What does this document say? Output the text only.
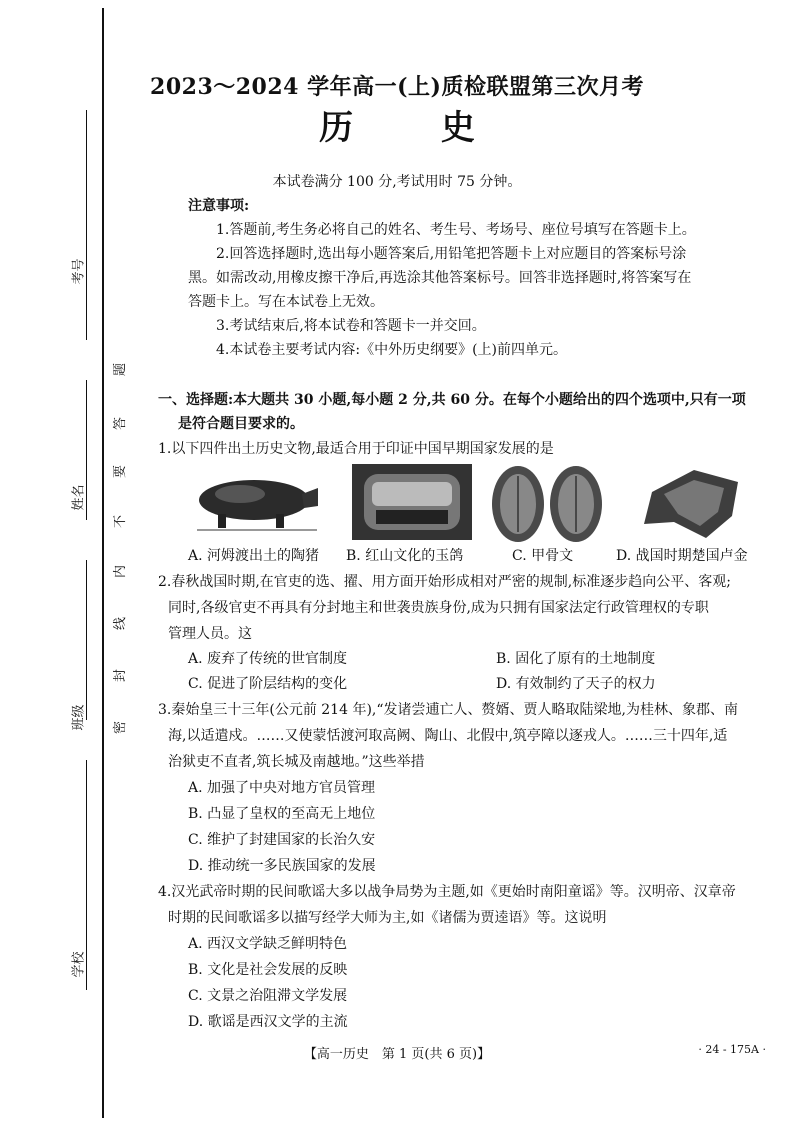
考号
姓名
班级
学校
题
答
要
不
内
线
封
密
2023～2024 学年高一(上)质检联盟第三次月考
历 史
本试卷满分 100 分,考试用时 75 分钟。
注意事项:
1.答题前,考生务必将自己的姓名、考生号、考场号、座位号填写在答题卡上。
2.回答选择题时,选出每小题答案后,用铅笔把答题卡上对应题目的答案标号涂
黑。如需改动,用橡皮擦干净后,再选涂其他答案标号。回答非选择题时,将答案写在
答题卡上。写在本试卷上无效。
3.考试结束后,将本试卷和答题卡一并交回。
4.本试卷主要考试内容:《中外历史纲要》(上)前四单元。
一、选择题:本大题共 30 小题,每小题 2 分,共 60 分。在每个小题给出的四个选项中,只有一项
是符合题目要求的。
1.以下四件出土历史文物,最适合用于印证中国早期国家发展的是
A. 河姆渡出土的陶猪 B. 红山文化的玉鸽	C. 甲骨文	D. 战国时期楚国卢金
2.春秋战国时期,在官吏的选、擢、用方面开始形成相对严密的规制,标准逐步趋向公平、客观;
同时,各级官吏不再具有分封地主和世袭贵族身份,成为只拥有国家法定行政管理权的专职
管理人员。这
A. 废弃了传统的世官制度	B. 固化了原有的土地制度
C. 促进了阶层结构的变化	D. 有效制约了天子的权力
3.秦始皇三十三年(公元前 214 年),“发诸尝逋亡人、赘婿、贾人略取陆梁地,为桂林、象郡、南
海,以适遣戍。……又使蒙恬渡河取高阙、陶山、北假中,筑亭障以逐戎人。……三十四年,适
治狱吏不直者,筑长城及南越地。”这些举措
A. 加强了中央对地方官员管理
B. 凸显了皇权的至高无上地位
C. 维护了封建国家的长治久安
D. 推动统一多民族国家的发展
4.汉光武帝时期的民间歌谣大多以战争局势为主题,如《更始时南阳童谣》等。汉明帝、汉章帝
时期的民间歌谣多以描写经学大师为主,如《诸儒为贾逵语》等。这说明
A. 西汉文学缺乏鲜明特色
B. 文化是社会发展的反映
C. 文景之治阻滞文学发展
D. 歌谣是西汉文学的主流
【高一历史　第 1 页(共 6 页)】	· 24 - 175A ·
